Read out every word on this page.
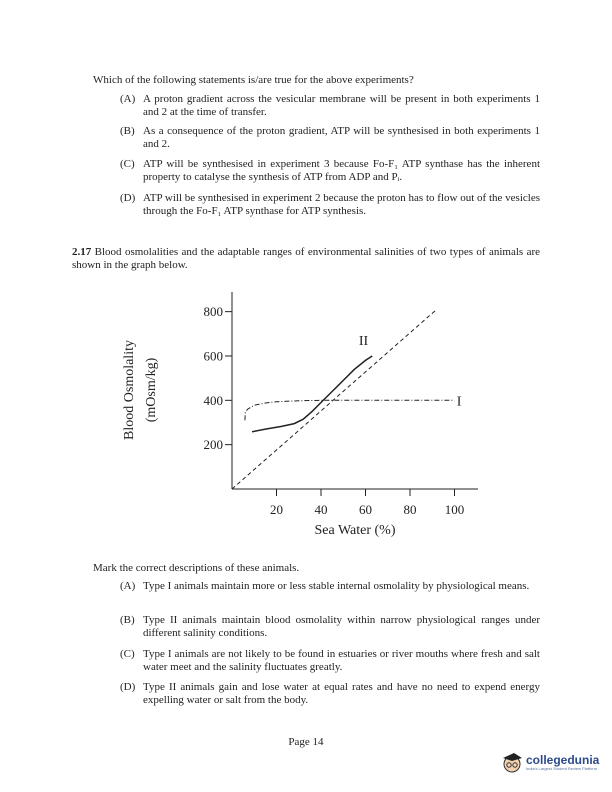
Which of the following statements is/are true for the above experiments?
(A) A proton gradient across the vesicular membrane will be present in both experiments 1 and 2 at the time of transfer.
(B) As a consequence of the proton gradient, ATP will be synthesised in both experiments 1 and 2.
(C) ATP will be synthesised in experiment 3 because Fo-F₁ ATP synthase has the inherent property to catalyse the synthesis of ATP from ADP and Pᵢ.
(D) ATP will be synthesised in experiment 2 because the proton has to flow out of the vesicles through the Fo-F₁ ATP synthase for ATP synthesis.
2.17 Blood osmolalities and the adaptable ranges of environmental salinities of two types of animals are shown in the graph below.
200
400
600
800
20 40 60 80 100
I
II
Blood Osmolality (mOsm/kg)
Sea Water (%)
Mark the correct descriptions of these animals.
(A) Type I animals maintain more or less stable internal osmolality by physiological means.
(B) Type II animals maintain blood osmolality within narrow physiological ranges under different salinity conditions.
(C) Type I animals are not likely to be found in estuaries or river mouths where fresh and salt water meet and the salinity fluctuates greatly.
(D) Type II animals gain and lose water at equal rates and have no need to expend energy expelling water or salt from the body.
Page 14
collegedunia
India's Largest Student Review Platform
